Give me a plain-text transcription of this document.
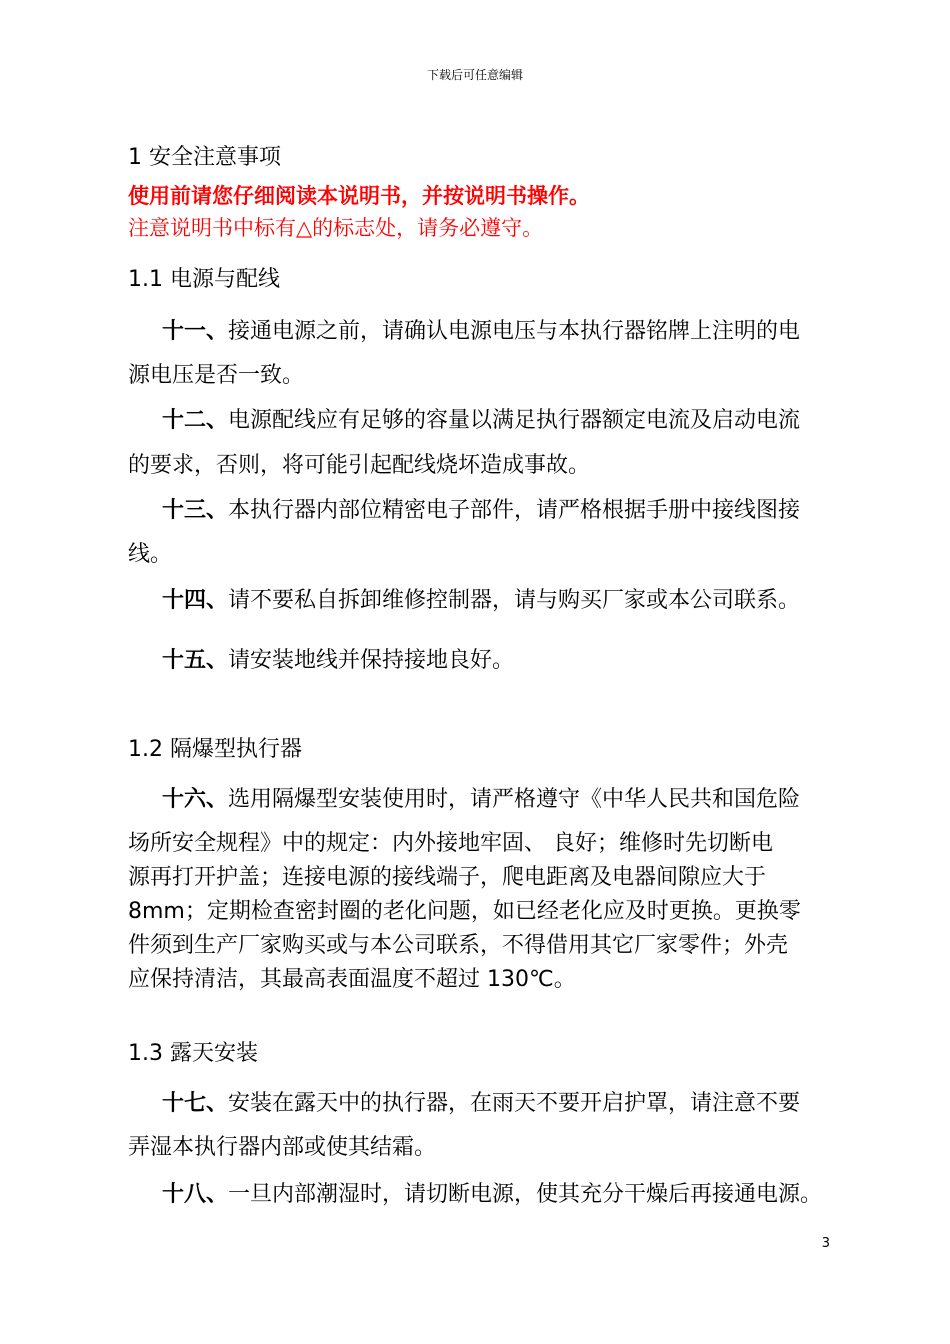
下载后可任意编辑
1 安全注意事项
使用前请您仔细阅读本说明书，并按说明书操作。
注意说明书中标有△的标志处，请务必遵守。
1.1 电源与配线
十一、接通电源之前，请确认电源电压与本执行器铭牌上注明的电
源电压是否一致。
十二、电源配线应有足够的容量以满足执行器额定电流及启动电流
的要求，否则，将可能引起配线烧坏造成事故。
十三、本执行器内部位精密电子部件，请严格根据手册中接线图接
线。
十四、请不要私自拆卸维修控制器，请与购买厂家或本公司联系。
十五、请安装地线并保持接地良好。
1.2 隔爆型执行器
十六、选用隔爆型安装使用时，请严格遵守《中华人民共和国危险
场所安全规程》中的规定：内外接地牢固、 良好；维修时先切断电
源再打开护盖；连接电源的接线端子，爬电距离及电器间隙应大于
8mm；定期检查密封圈的老化问题，如已经老化应及时更换。更换零
件须到生产厂家购买或与本公司联系，不得借用其它厂家零件；外壳
应保持清洁，其最高表面温度不超过 130℃。
1.3 露天安装
十七、安装在露天中的执行器，在雨天不要开启护罩，请注意不要
弄湿本执行器内部或使其结霜。
十八、一旦内部潮湿时，请切断电源，使其充分干燥后再接通电源。
3
